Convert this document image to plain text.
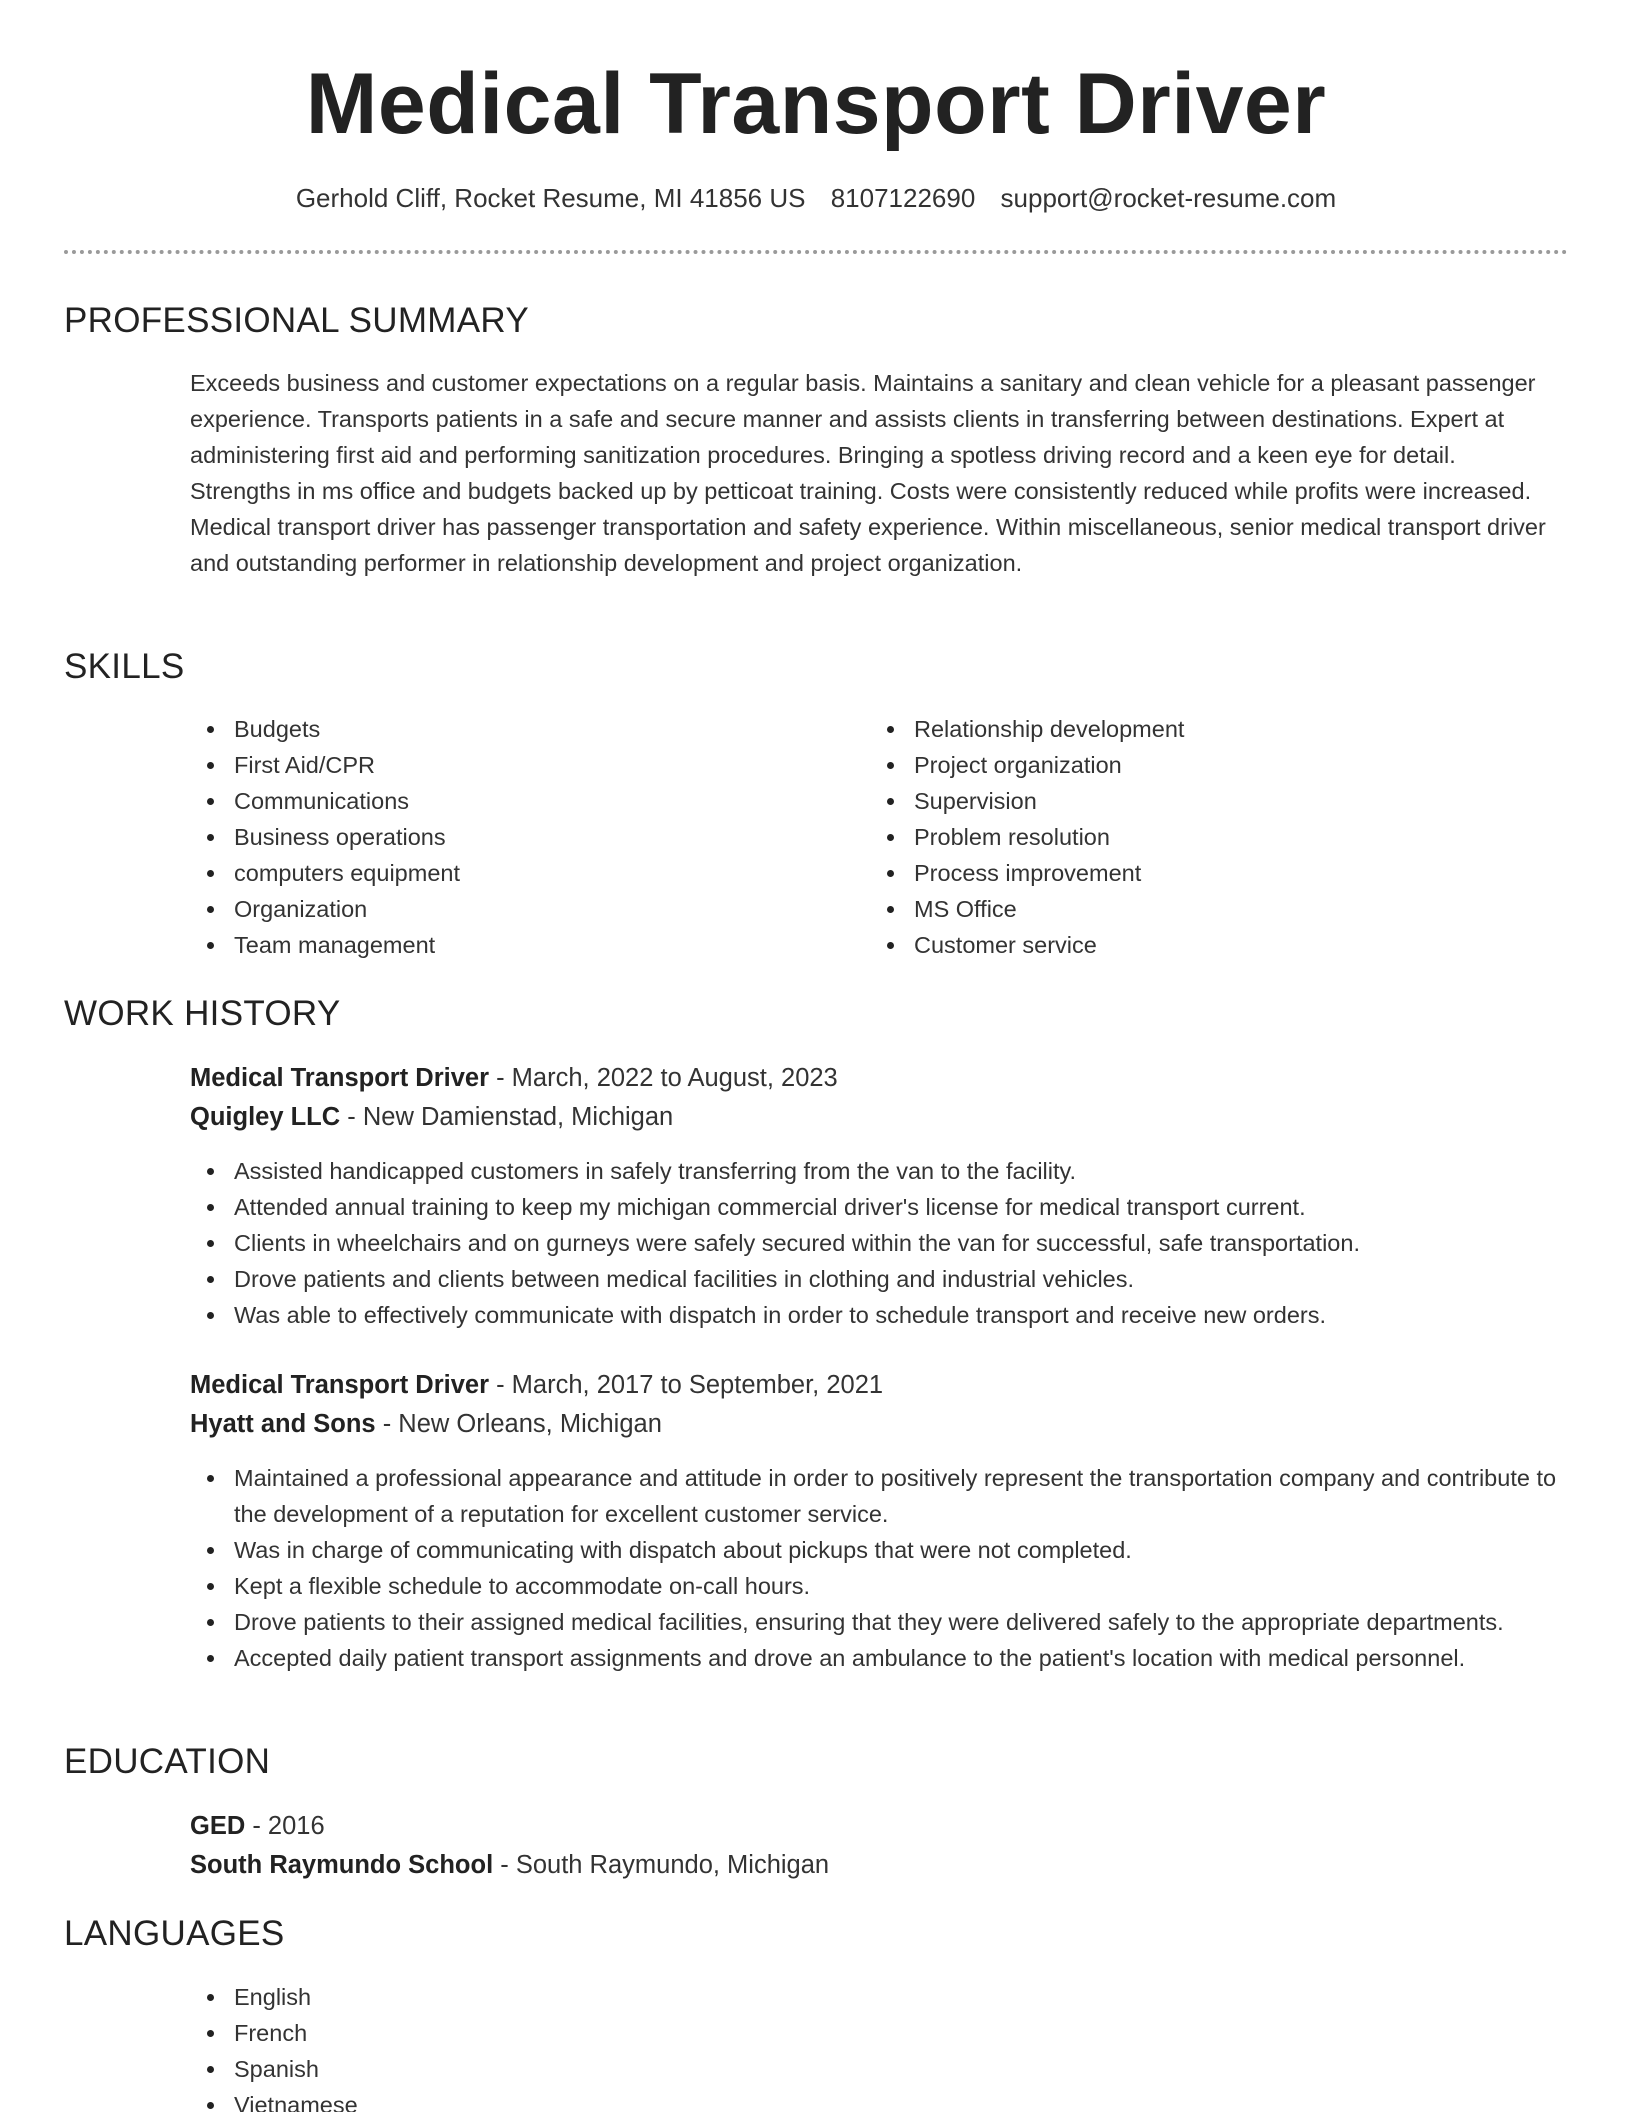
Medical Transport Driver
Gerhold Cliff, Rocket Resume, MI 41856 US 8107122690 support@rocket-resume.com
PROFESSIONAL SUMMARY

Exceeds business and customer expectations on a regular basis. Maintains a sanitary and clean vehicle for a pleasant passenger experience. Transports patients in a safe and secure manner and assists clients in transferring between destinations. Expert at administering first aid and performing sanitization procedures. Bringing a spotless driving record and a keen eye for detail. Strengths in ms office and budgets backed up by petticoat training. Costs were consistently reduced while profits were increased. Medical transport driver has passenger transportation and safety experience. Within miscellaneous, senior medical transport driver and outstanding performer in relationship development and project organization.

SKILLS
Budgets
First Aid/CPR
Communications
Business operations
computers equipment
Organization
Team management
Relationship development
Project organization
Supervision
Problem resolution
Process improvement
MS Office
Customer service
WORK HISTORY
Medical Transport Driver - March, 2022 to August, 2023
Quigley LLC - New Damienstad, Michigan
Assisted handicapped customers in safely transferring from the van to the facility.
Attended annual training to keep my michigan commercial driver's license for medical transport current.
Clients in wheelchairs and on gurneys were safely secured within the van for successful, safe transportation.
Drove patients and clients between medical facilities in clothing and industrial vehicles.
Was able to effectively communicate with dispatch in order to schedule transport and receive new orders.
Medical Transport Driver - March, 2017 to September, 2021
Hyatt and Sons - New Orleans, Michigan
Maintained a professional appearance and attitude in order to positively represent the transportation company and contribute to the development of a reputation for excellent customer service.
Was in charge of communicating with dispatch about pickups that were not completed.
Kept a flexible schedule to accommodate on-call hours.
Drove patients to their assigned medical facilities, ensuring that they were delivered safely to the appropriate departments.
Accepted daily patient transport assignments and drove an ambulance to the patient's location with medical personnel.
EDUCATION
GED - 2016
South Raymundo School - South Raymundo, Michigan
LANGUAGES
English
French
Spanish
Vietnamese
